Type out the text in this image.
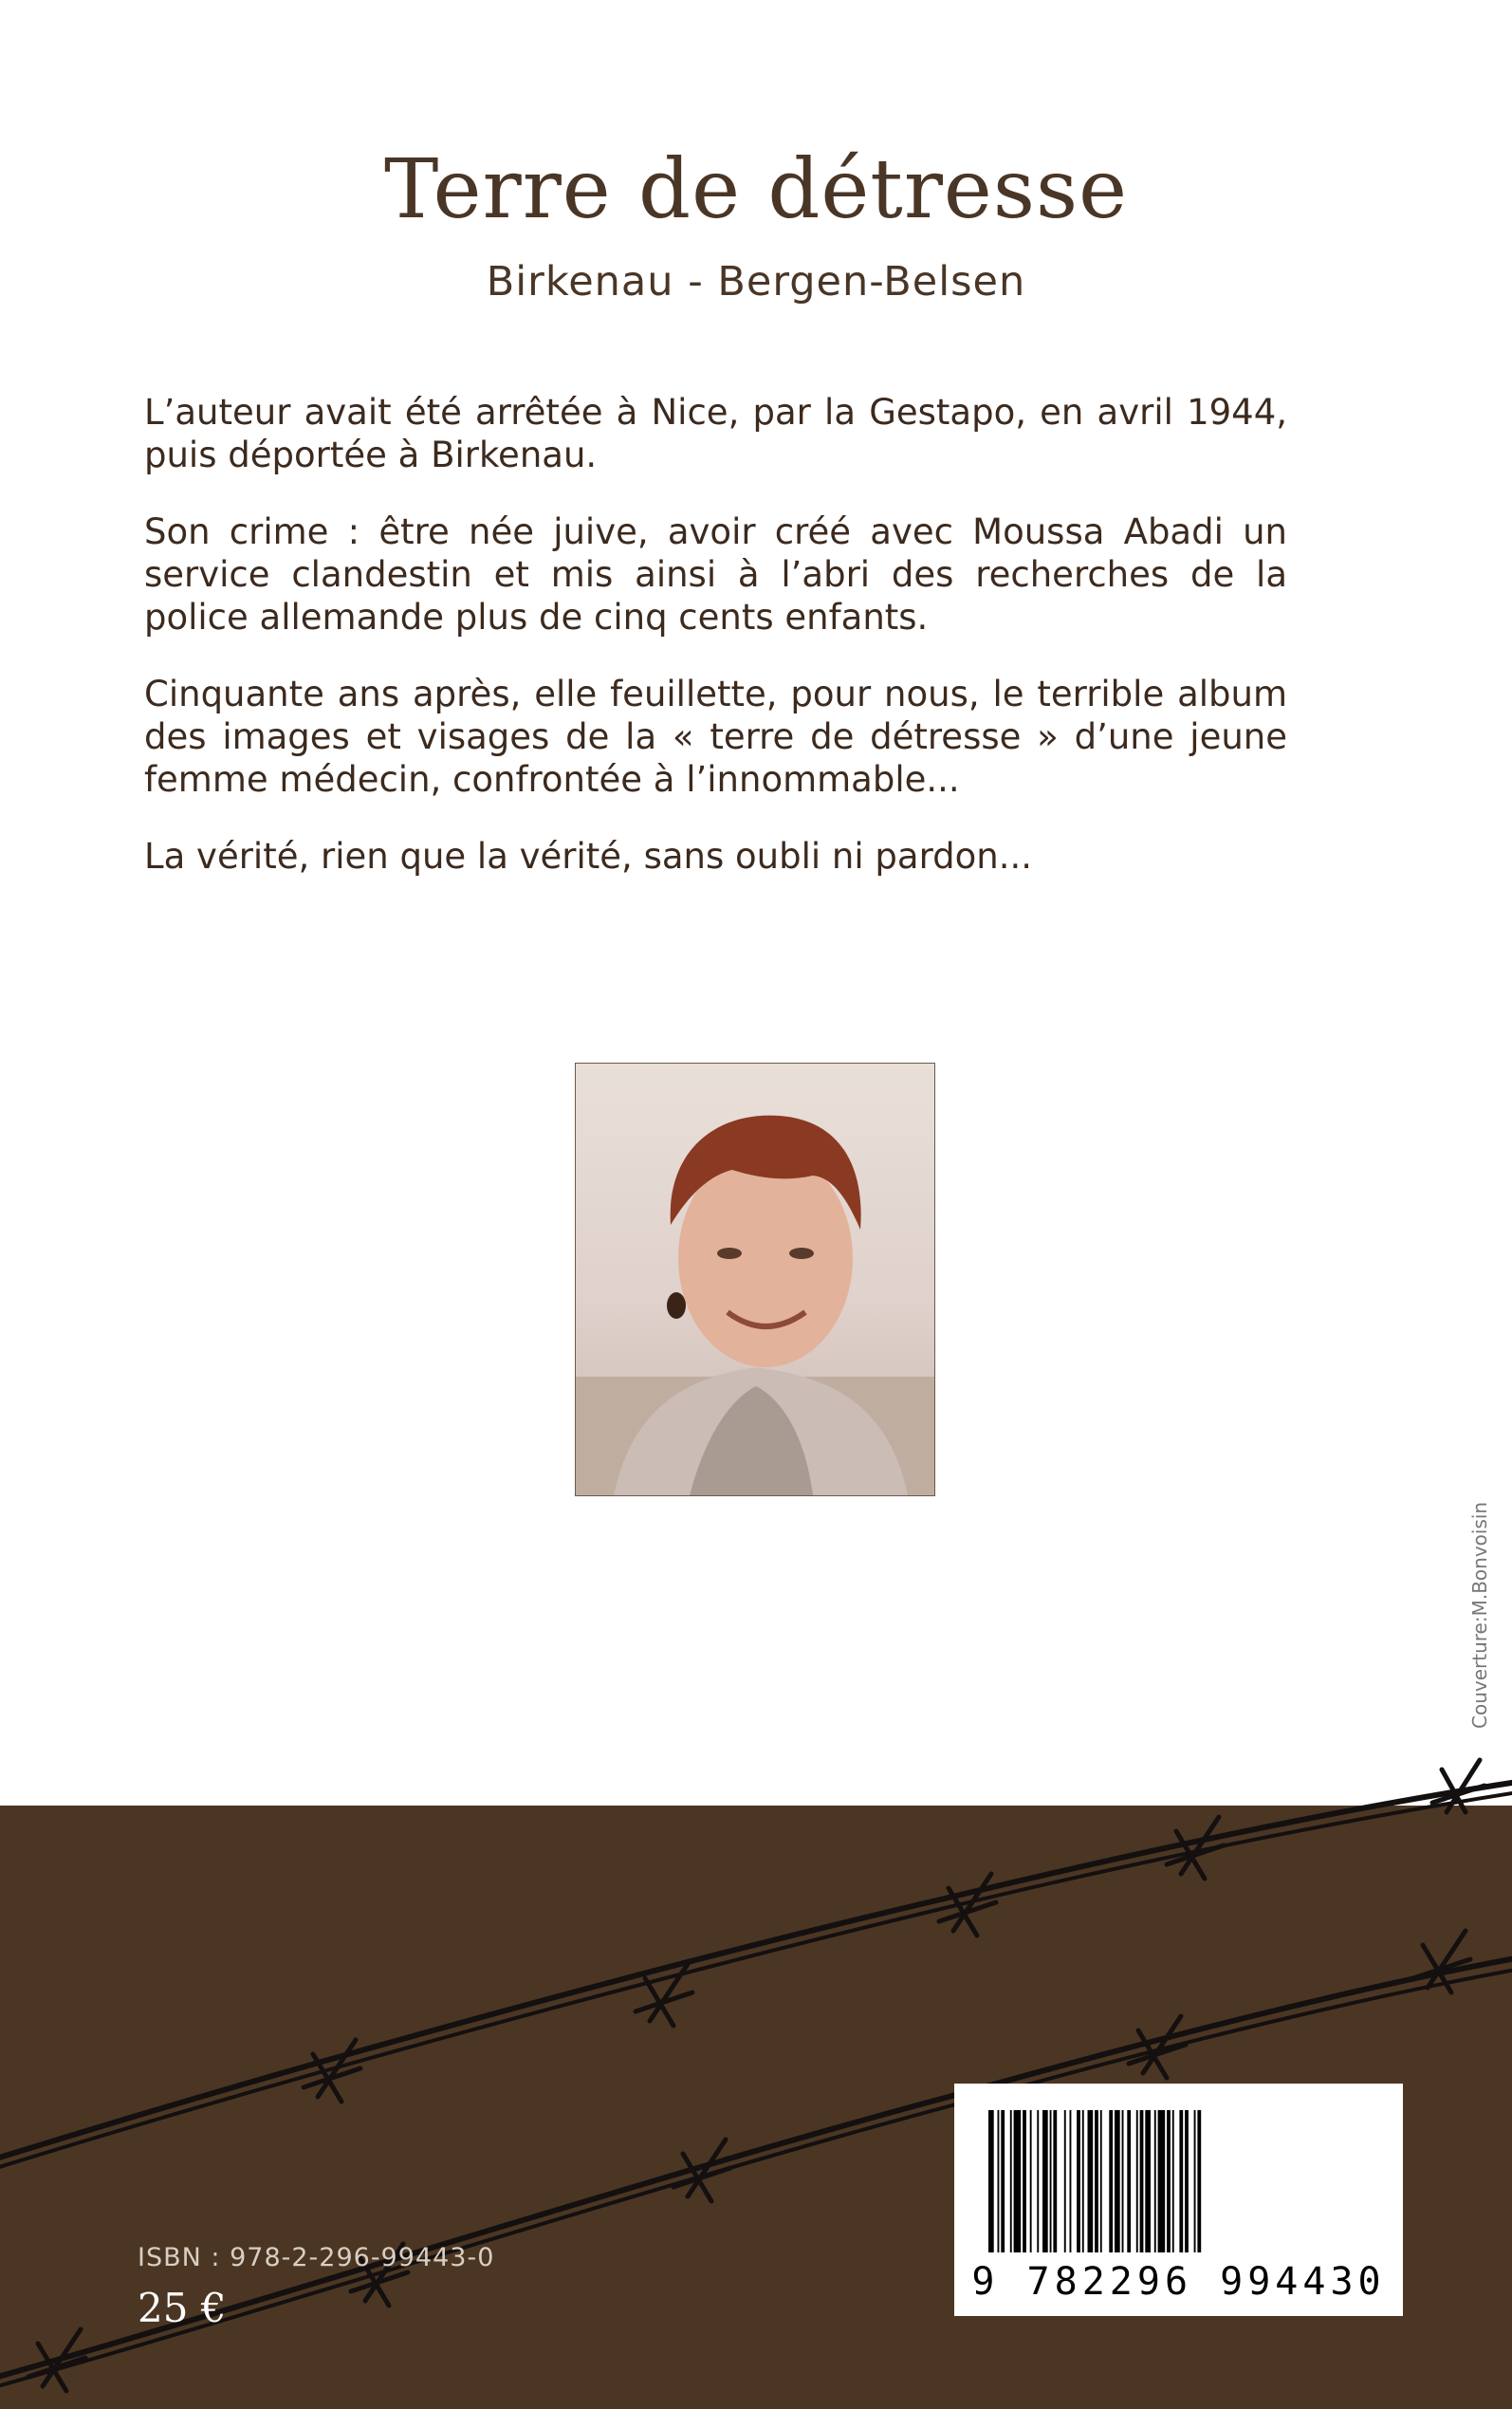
Terre de détresse
Birkenau - Bergen-Belsen

L’auteur avait été arrêtée à Nice, par la Gestapo, en avril 1944, puis déportée à Birkenau.

Son crime : être née juive, avoir créé avec Moussa Abadi un service clandestin et mis ainsi à l’abri des recherches de la police allemande plus de cinq cents enfants.

Cinquante ans après, elle feuillette, pour nous, le terrible album des images et visages de la « terre de détresse » d’une jeune femme médecin, confrontée à l’innommable...

La vérité, rien que la vérité, sans oubli ni pardon...

Couverture:M.Bonvoisin
ISBN : 978-2-296-99443-0
25 €
9 782296 994430
